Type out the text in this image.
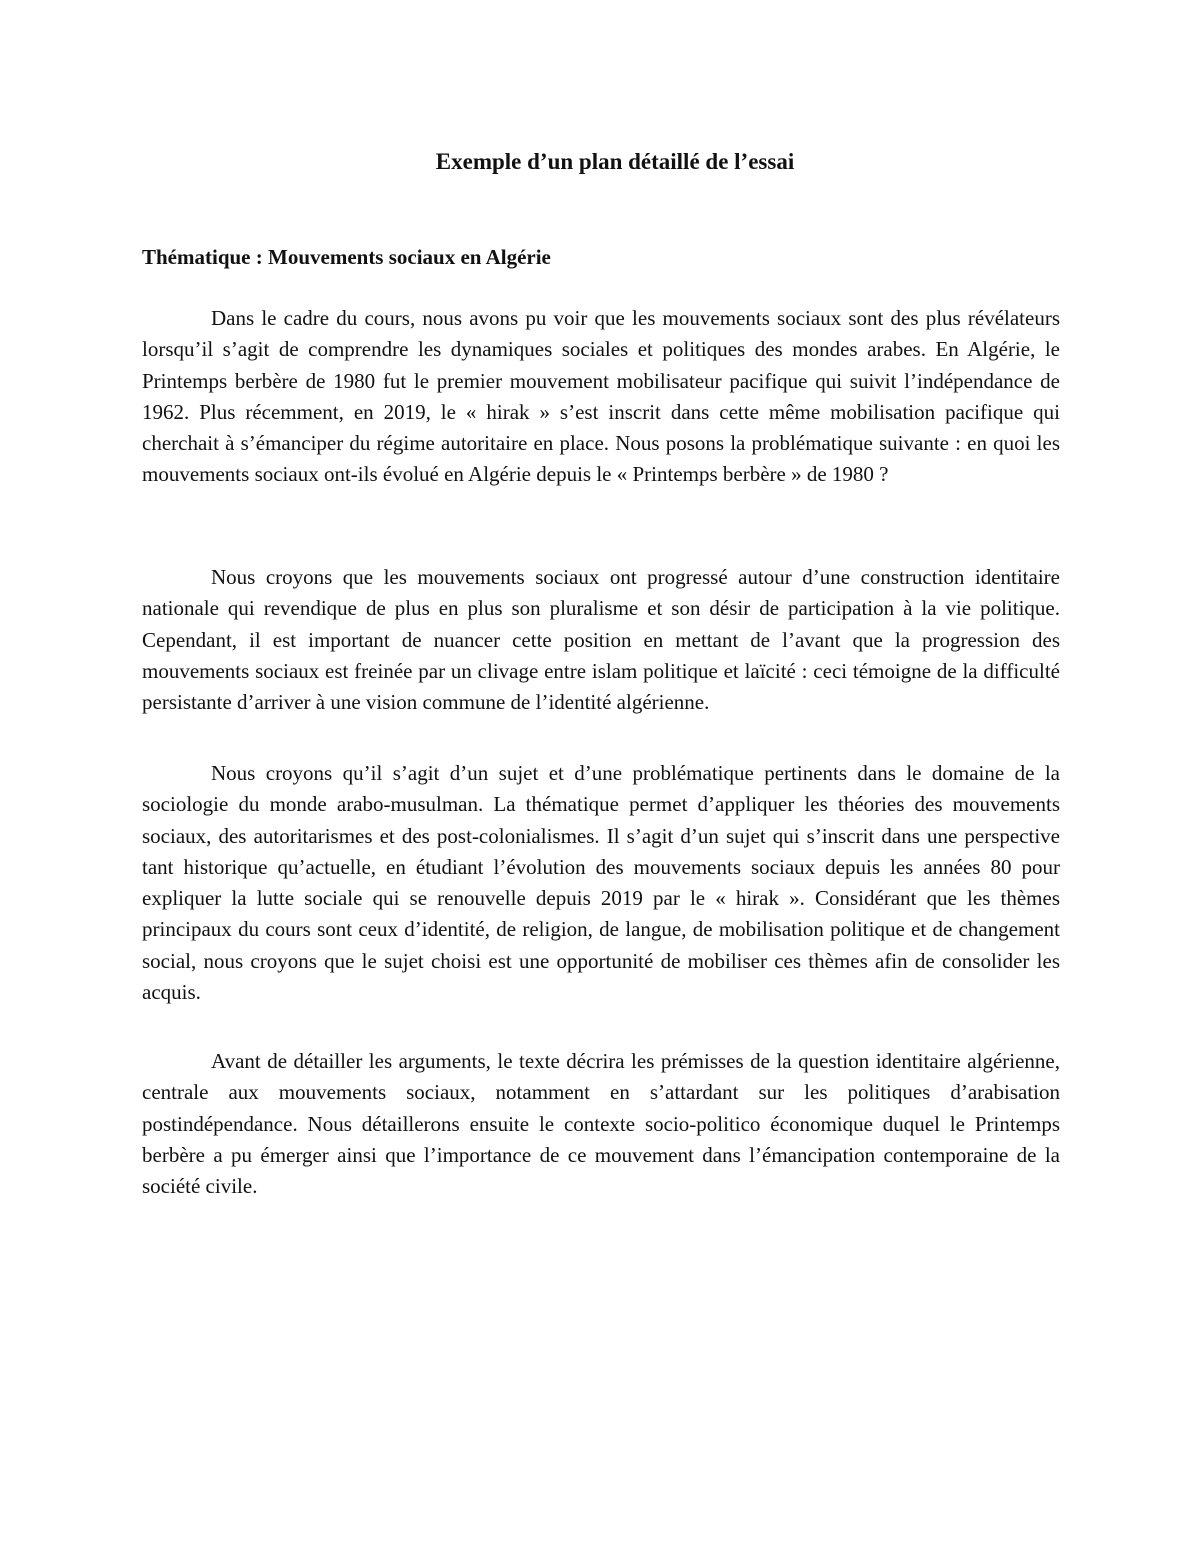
Exemple d’un plan détaillé de l’essai

Thématique : Mouvements sociaux en Algérie

Dans le cadre du cours, nous avons pu voir que les mouvements sociaux sont des plus révélateurs lorsqu’il s’agit de comprendre les dynamiques sociales et politiques des mondes arabes. En Algérie, le Printemps berbère de 1980 fut le premier mouvement mobilisateur pacifique qui suivit l’indépendance de 1962. Plus récemment, en 2019, le « hirak » s’est inscrit dans cette même mobilisation pacifique qui cherchait à s’émanciper du régime autoritaire en place. Nous posons la problématique suivante : en quoi les mouvements sociaux ont-ils évolué en Algérie depuis le « Printemps berbère » de 1980 ?

Nous croyons que les mouvements sociaux ont progressé autour d’une construction identitaire nationale qui revendique de plus en plus son pluralisme et son désir de participation à la vie politique. Cependant, il est important de nuancer cette position en mettant de l’avant que la progression des mouvements sociaux est freinée par un clivage entre islam politique et laïcité : ceci témoigne de la difficulté persistante d’arriver à une vision commune de l’identité algérienne.

Nous croyons qu’il s’agit d’un sujet et d’une problématique pertinents dans le domaine de la sociologie du monde arabo-musulman. La thématique permet d’appliquer les théories des mouvements sociaux, des autoritarismes et des post-colonialismes. Il s’agit d’un sujet qui s’inscrit dans une perspective tant historique qu’actuelle, en étudiant l’évolution des mouvements sociaux depuis les années 80 pour expliquer la lutte sociale qui se renouvelle depuis 2019 par le « hirak ». Considérant que les thèmes principaux du cours sont ceux d’identité, de religion, de langue, de mobilisation politique et de changement social, nous croyons que le sujet choisi est une opportunité de mobiliser ces thèmes afin de consolider les acquis.

Avant de détailler les arguments, le texte décrira les prémisses de la question identitaire algérienne, centrale aux mouvements sociaux, notamment en s’attardant sur les politiques d’arabisation postindépendance. Nous détaillerons ensuite le contexte socio-politico économique duquel le Printemps berbère a pu émerger ainsi que l’importance de ce mouvement dans l’émancipation contemporaine de la société civile.
